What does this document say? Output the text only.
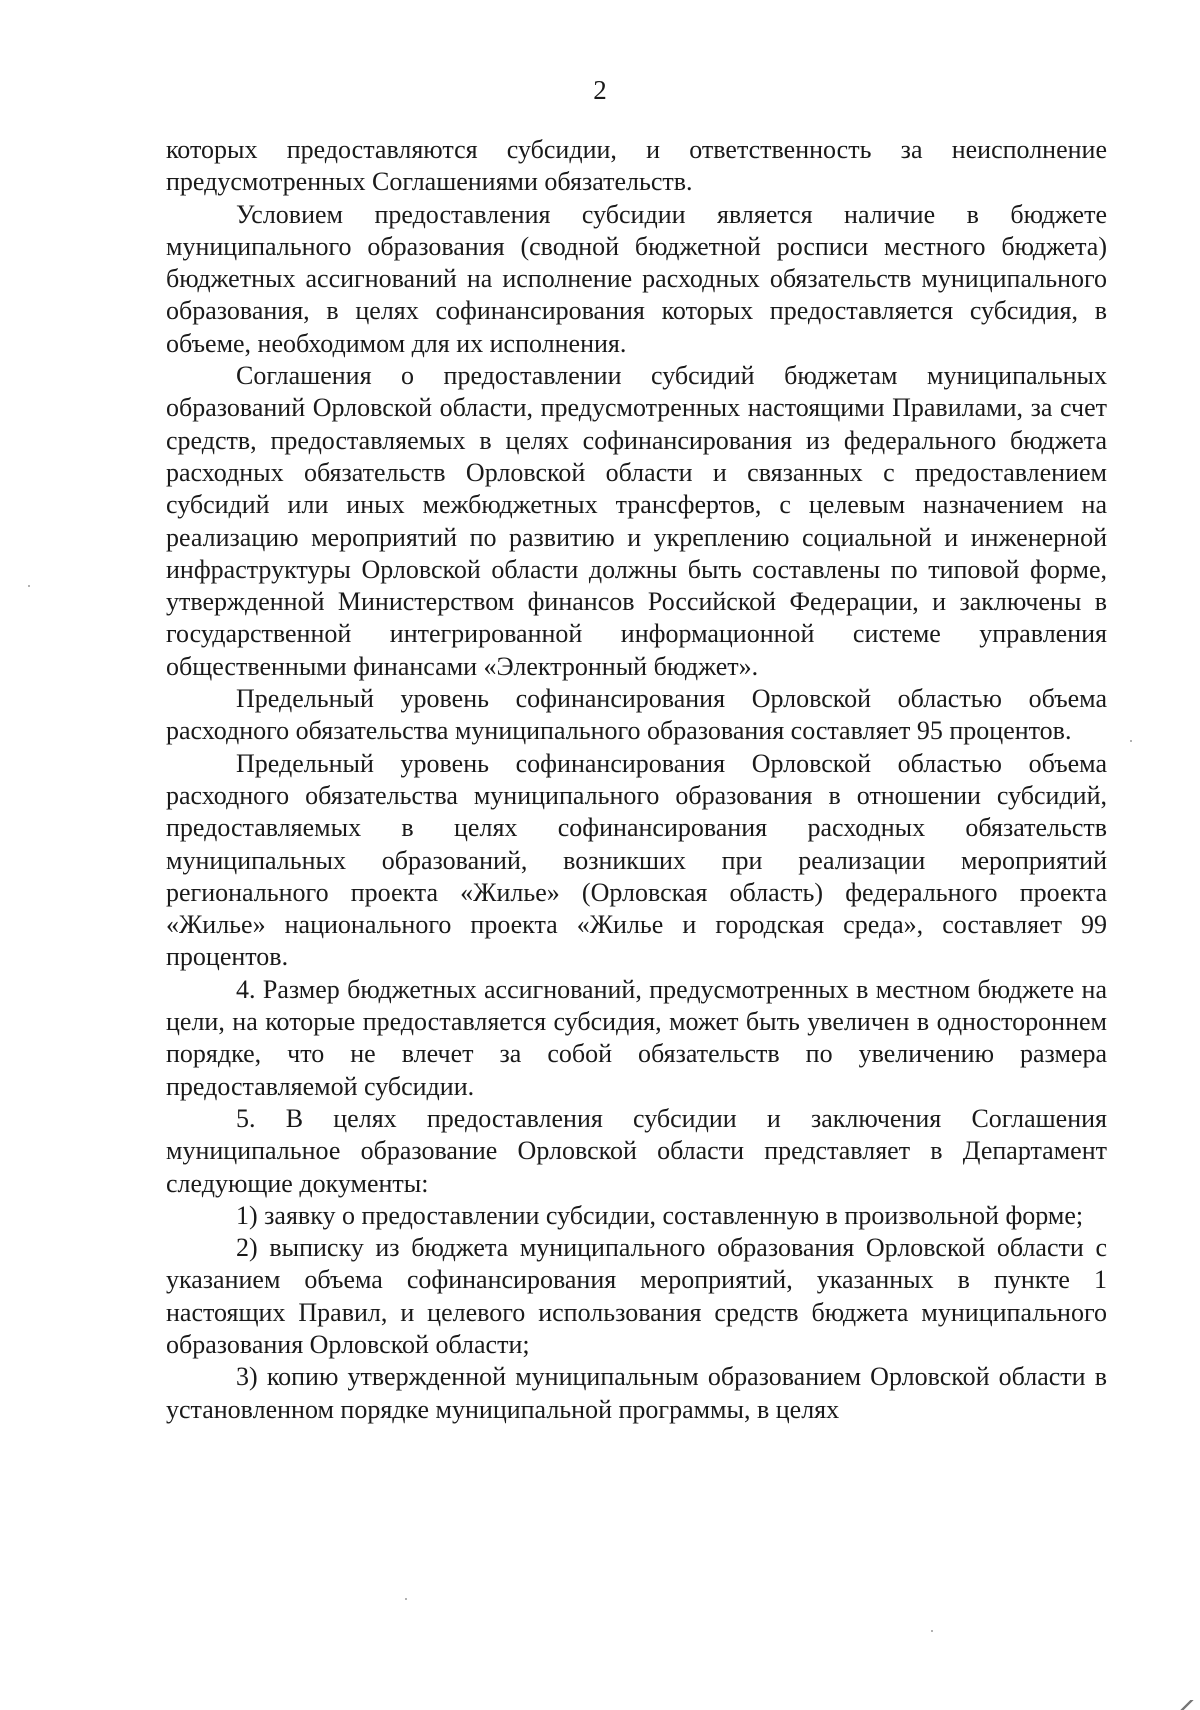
2

которых предоставляются субсидии, и ответственность за неисполнение предусмотренных Соглашениями обязательств.

Условием предоставления субсидии является наличие в бюджете муниципального образования (сводной бюджетной росписи местного бюджета) бюджетных ассигнований на исполнение расходных обязательств муниципального образования, в целях софинансирования которых предоставляется субсидия, в объеме, необходимом для их исполнения.

Соглашения о предоставлении субсидий бюджетам муниципальных образований Орловской области, предусмотренных настоящими Правилами, за счет средств, предоставляемых в целях софинансирования из федерального бюджета расходных обязательств Орловской области и связанных с предоставлением субсидий или иных межбюджетных трансфертов, с целевым назначением на реализацию мероприятий по развитию и укреплению социальной и инженерной инфраструктуры Орловской области должны быть составлены по типовой форме, утвержденной Министерством финансов Российской Федерации, и заключены в государственной интегрированной информационной системе управления общественными финансами «Электронный бюджет».

Предельный уровень софинансирования Орловской областью объема расходного обязательства муниципального образования составляет 95 процентов.

Предельный уровень софинансирования Орловской областью объема расходного обязательства муниципального образования в отношении субсидий, предоставляемых в целях софинансирования расходных обязательств муниципальных образований, возникших при реализации мероприятий регионального проекта «Жилье» (Орловская область) федерального проекта «Жилье» национального проекта «Жилье и городская среда», составляет 99 процентов.

4. Размер бюджетных ассигнований, предусмотренных в местном бюджете на цели, на которые предоставляется субсидия, может быть увеличен в одностороннем порядке, что не влечет за собой обязательств по увеличению размера предоставляемой субсидии.

5. В целях предоставления субсидии и заключения Соглашения муниципальное образование Орловской области представляет в Департамент следующие документы:

1) заявку о предоставлении субсидии, составленную в произвольной форме;

2) выписку из бюджета муниципального образования Орловской области с указанием объема софинансирования мероприятий, указанных в пункте 1 настоящих Правил, и целевого использования средств бюджета муниципального образования Орловской области;

3) копию утвержденной муниципальным образованием Орловской области в установленном порядке муниципальной программы, в целях
